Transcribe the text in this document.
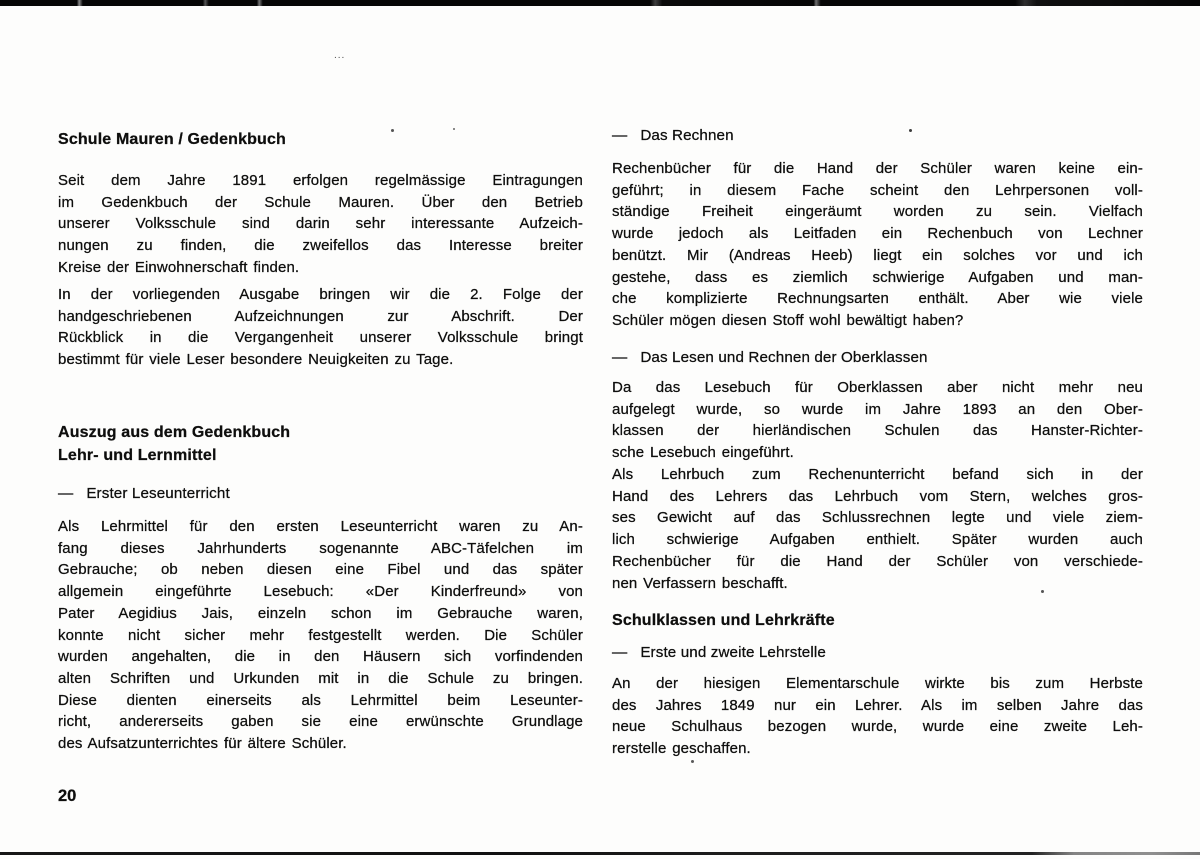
...
Schule Mauren / Gedenkbuch
Seit dem Jahre 1891 erfolgen regelmässige Eintragungen
im Gedenkbuch der Schule Mauren. Über den Betrieb
unserer Volksschule sind darin sehr interessante Aufzeich-
nungen zu finden, die zweifellos das Interesse breiter
Kreise der Einwohnerschaft finden.
In der vorliegenden Ausgabe bringen wir die 2. Folge der
handgeschriebenen Aufzeichnungen zur Abschrift. Der
Rückblick in die Vergangenheit unserer Volksschule bringt
bestimmt für viele Leser besondere Neuigkeiten zu Tage.
Auszug aus dem Gedenkbuch
Lehr- und Lernmittel
— Erster Leseunterricht
Als Lehrmittel für den ersten Leseunterricht waren zu An-
fang dieses Jahrhunderts sogenannte ABC-Täfelchen im
Gebrauche; ob neben diesen eine Fibel und das später
allgemein eingeführte Lesebuch: «Der Kinderfreund» von
Pater Aegidius Jais, einzeln schon im Gebrauche waren,
konnte nicht sicher mehr festgestellt werden. Die Schüler
wurden angehalten, die in den Häusern sich vorfindenden
alten Schriften und Urkunden mit in die Schule zu bringen.
Diese dienten einerseits als Lehrmittel beim Leseunter-
richt, andererseits gaben sie eine erwünschte Grundlage
des Aufsatzunterrichtes für ältere Schüler.
20
— Das Rechnen
Rechenbücher für die Hand der Schüler waren keine ein-
geführt; in diesem Fache scheint den Lehrpersonen voll-
ständige Freiheit eingeräumt worden zu sein. Vielfach
wurde jedoch als Leitfaden ein Rechenbuch von Lechner
benützt. Mir (Andreas Heeb) liegt ein solches vor und ich
gestehe, dass es ziemlich schwierige Aufgaben und man-
che komplizierte Rechnungsarten enthält. Aber wie viele
Schüler mögen diesen Stoff wohl bewältigt haben?
— Das Lesen und Rechnen der Oberklassen
Da das Lesebuch für Oberklassen aber nicht mehr neu
aufgelegt wurde, so wurde im Jahre 1893 an den Ober-
klassen der hierländischen Schulen das Hanster-Richter-
sche Lesebuch eingeführt.
Als Lehrbuch zum Rechenunterricht befand sich in der
Hand des Lehrers das Lehrbuch vom Stern, welches gros-
ses Gewicht auf das Schlussrechnen legte und viele ziem-
lich schwierige Aufgaben enthielt. Später wurden auch
Rechenbücher für die Hand der Schüler von verschiede-
nen Verfassern beschafft.
Schulklassen und Lehrkräfte
— Erste und zweite Lehrstelle
An der hiesigen Elementarschule wirkte bis zum Herbste
des Jahres 1849 nur ein Lehrer. Als im selben Jahre das
neue Schulhaus bezogen wurde, wurde eine zweite Leh-
rerstelle geschaffen.
